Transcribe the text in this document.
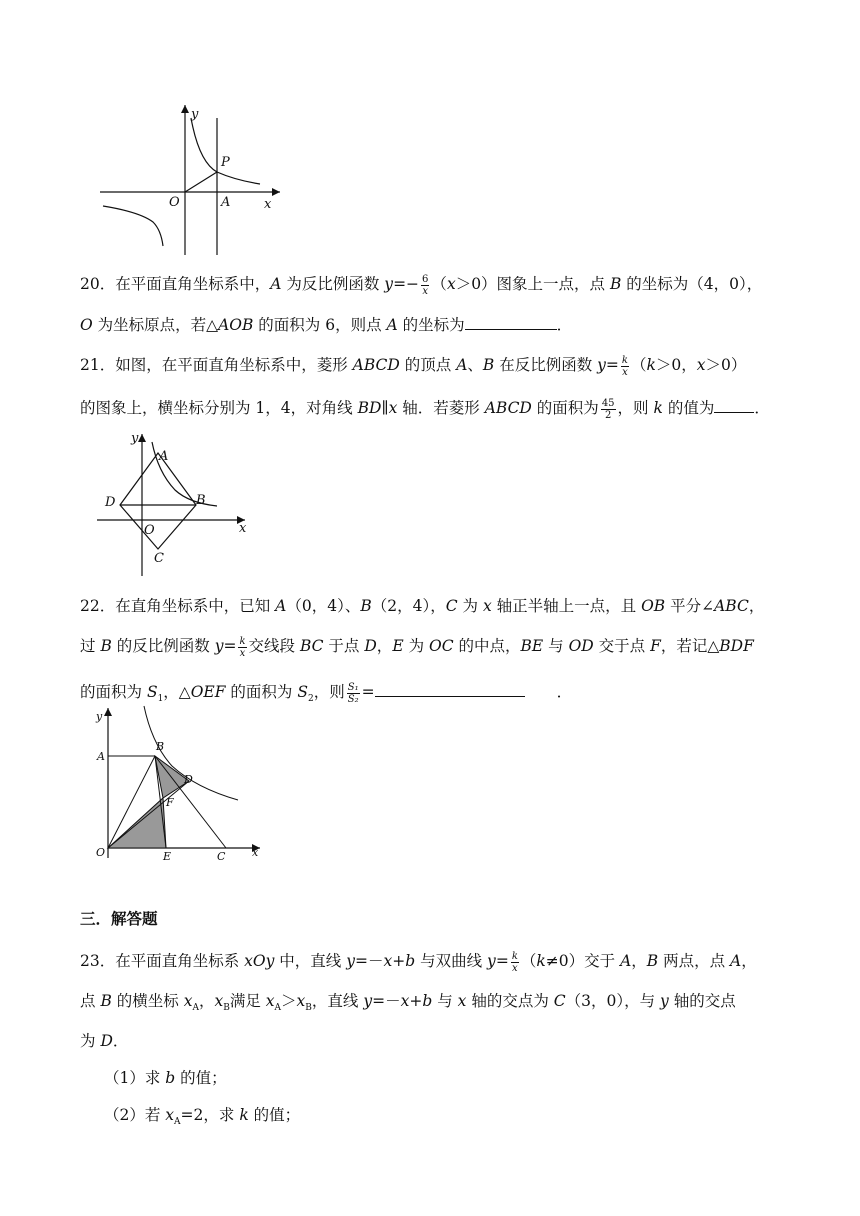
y
O	A	x
P
20．在平面直角坐标系中，A 为反比例函数 $y=- \frac{6}{x} (x>0)$图象上一点，点 B 的坐标为（4，0），
O 为坐标原点，若△AOB 的面积为 6，则点 A 的坐标为	．
21．如图，在平面直角坐标系中，菱形 ABCD 的顶点 A、B 在反比例函数 $y= \frac{k}{x} (k>0$，x＞0）
的图象上，横坐标分别为 1，4，对角线 BD∥x 轴．若菱形 ABCD 的面积为 $\frac{45}{2}$ ，则 k 的值为	．
y
A
D	B
O	x
C
22．在直角坐标系中，已知 A（0，4）、B（2，4），C 为 x 轴正半轴上一点，且 OB 平分∠ABC，
过 B 的反比例函数 $y= \frac{k}{x}$ 交线段 BC 于点 D，E 为 OC 的中点，BE 与 OD 交于点 F，若记△BDF
的面积为 $S_1$，△OEF 的面积为 $S_2$，则 $\frac{\text{S₁}}{\text{S₂}}$ =	．
y
A
B
D
F
O	E	C x
三．解答题
23．在平面直角坐标系 xOy 中，直线 y=－x+b 与双曲线 $y= \frac{k}{x} (k\ne 0)$交于 A，B 两点，点 A，
点 B 的横坐标 $x_A$，$x_B$满足 $x_A>x_B$，直线 y=－x+b 与 x 轴的交点为 C（3，0），与 y 轴的交点
为 D．
（1）求 b 的值；
（2）若 $x_A=2$，求 k 的值；
